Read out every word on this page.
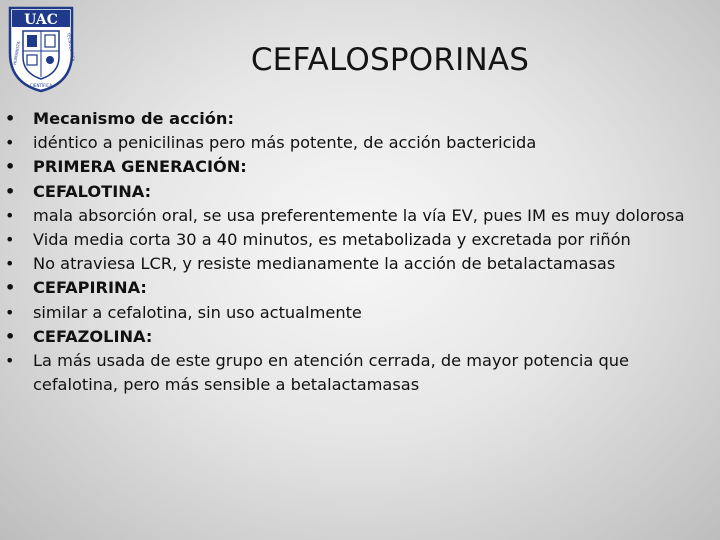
UAC
HUMANISTA	TECNOLÓGICA
CIENTÍFICA
CEFALOSPORINAS
• Mecanismo de acción:
• idéntico a penicilinas pero más potente, de acción bactericida
• PRIMERA GENERACIÓN:
• CEFALOTINA:
• mala absorción oral, se usa preferentemente la vía EV, pues IM es muy dolorosa
• Vida media corta 30 a 40 minutos, es metabolizada y excretada por riñón
• No atraviesa LCR, y resiste medianamente la acción de betalactamasas
• CEFAPIRINA:
• similar a cefalotina, sin uso actualmente
• CEFAZOLINA:
• La más usada de este grupo en atención cerrada, de mayor potencia que cefalotina, pero más sensible a betalactamasas
